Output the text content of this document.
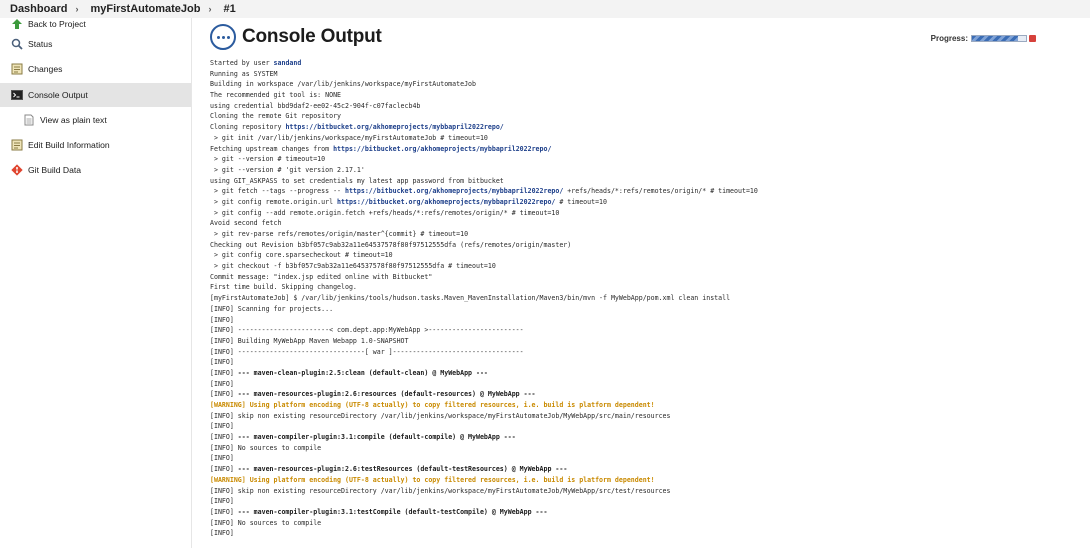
Dashboard › myFirstAutomateJob › #1
Back to Project
Status
Changes
Console Output
View as plain text
Edit Build Information
Git Build Data
Console Output	Progress:
Started by user sandand
Running as SYSTEM
Building in workspace /var/lib/jenkins/workspace/myFirstAutomateJob
The recommended git tool is: NONE
using credential bbd9daf2-ee02-45c2-904f-c07faclecb4b
Cloning the remote Git repository
Cloning repository https://bitbucket.org/akhomeprojects/mybbapril2022repo/
> git init /var/lib/jenkins/workspace/myFirstAutomateJob # timeout=10
Fetching upstream changes from https://bitbucket.org/akhomeprojects/mybbapril2022repo/
> git --version # timeout=10
> git --version # 'git version 2.17.1'
using GIT_ASKPASS to set credentials my latest app password from bitbucket
> git fetch --tags --progress -- https://bitbucket.org/akhomeprojects/mybbapril2022repo/ +refs/heads/*:refs/remotes/origin/* # timeout=10
> git config remote.origin.url https://bitbucket.org/akhomeprojects/mybbapril2022repo/ # timeout=10
> git config --add remote.origin.fetch +refs/heads/*:refs/remotes/origin/* # timeout=10
Avoid second fetch
> git rev-parse refs/remotes/origin/master^{commit} # timeout=10
Checking out Revision b3bf057c9ab32a11e64537578f80f97512555dfa (refs/remotes/origin/master)
> git config core.sparsecheckout # timeout=10
> git checkout -f b3bf057c9ab32a11e64537578f80f97512555dfa # timeout=10
Commit message: "index.jsp edited online with Bitbucket"
First time build. Skipping changelog.
[myFirstAutomateJob] $ /var/lib/jenkins/tools/hudson.tasks.Maven_MavenInstallation/Maven3/bin/mvn -f MyWebApp/pom.xml clean install
[INFO] Scanning for projects...
[INFO]
[INFO] -----------------------< com.dept.app:MyWebApp >------------------------
[INFO] Building MyWebApp Maven Webapp 1.0-SNAPSHOT
[INFO] --------------------------------[ war ]---------------------------------
[INFO]
[INFO] --- maven-clean-plugin:2.5:clean (default-clean) @ MyWebApp ---
[INFO]
[INFO] --- maven-resources-plugin:2.6:resources (default-resources) @ MyWebApp ---
[WARNING] Using platform encoding (UTF-8 actually) to copy filtered resources, i.e. build is platform dependent!
[INFO] skip non existing resourceDirectory /var/lib/jenkins/workspace/myFirstAutomateJob/MyWebApp/src/main/resources
[INFO]
[INFO] --- maven-compiler-plugin:3.1:compile (default-compile) @ MyWebApp ---
[INFO] No sources to compile
[INFO]
[INFO] --- maven-resources-plugin:2.6:testResources (default-testResources) @ MyWebApp ---
[WARNING] Using platform encoding (UTF-8 actually) to copy filtered resources, i.e. build is platform dependent!
[INFO] skip non existing resourceDirectory /var/lib/jenkins/workspace/myFirstAutomateJob/MyWebApp/src/test/resources
[INFO]
[INFO] --- maven-compiler-plugin:3.1:testCompile (default-testCompile) @ MyWebApp ---
[INFO] No sources to compile
[INFO]
